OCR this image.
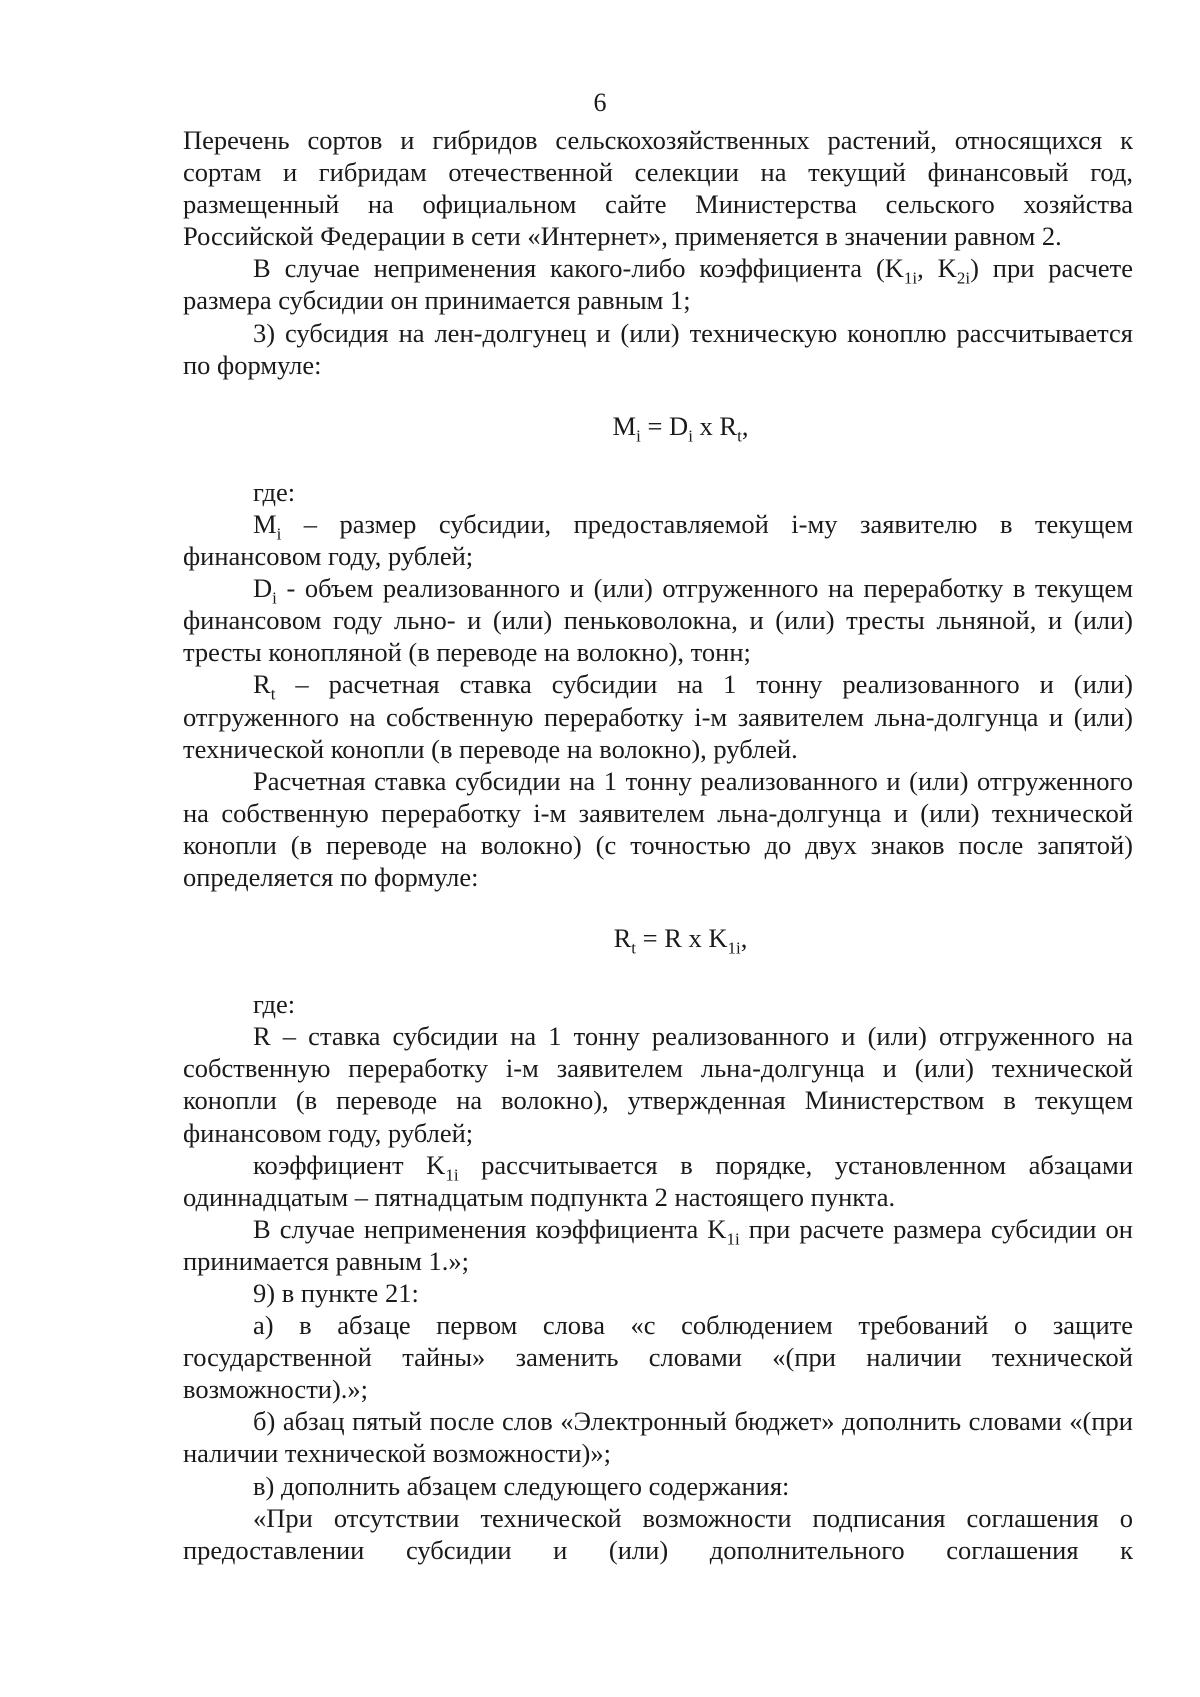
6

Перечень сортов и гибридов сельскохозяйственных растений, относящихся к сортам и гибридам отечественной селекции на текущий финансовый год, размещенный на официальном сайте Министерства сельского хозяйства Российской Федерации в сети «Интернет», применяется в значении равном 2.

В случае неприменения какого-либо коэффициента ($K_{1i}$, $K_{2i}$) при расчете размера субсидии он принимается равным 1;

3) субсидия на лен-долгунец и (или) техническую коноплю рассчитывается по формуле:

$M_i = D_i$ x $R_t$,

где:

$M_i$ – размер субсидии, предоставляемой i-му заявителю в текущем финансовом году, рублей;

$D_i$ - объем реализованного и (или) отгруженного на переработку в текущем финансовом году льно- и (или) пеньковолокна, и (или) тресты льняной, и (или) тресты конопляной (в переводе на волокно), тонн;

$R_t$ – расчетная ставка субсидии на 1 тонну реализованного и (или) отгруженного на собственную переработку i-м заявителем льна-долгунца и (или) технической конопли (в переводе на волокно), рублей.

Расчетная ставка субсидии на 1 тонну реализованного и (или) отгруженного на собственную переработку i-м заявителем льна-долгунца и (или) технической конопли (в переводе на волокно) (с точностью до двух знаков после запятой) определяется по формуле:

$R_t = R$ x $K_{1i}$,

где:

R – ставка субсидии на 1 тонну реализованного и (или) отгруженного на собственную переработку i-м заявителем льна-долгунца и (или) технической конопли (в переводе на волокно), утвержденная Министерством в текущем финансовом году, рублей;

коэффициент $K_{1i}$ рассчитывается в порядке, установленном абзацами одиннадцатым – пятнадцатым подпункта 2 настоящего пункта.

В случае неприменения коэффициента $K_{1i}$ при расчете размера субсидии он принимается равным 1.»;

9) в пункте 21:

а) в абзаце первом слова «с соблюдением требований о защите государственной тайны» заменить словами «(при наличии технической возможности).»;

б) абзац пятый после слов «Электронный бюджет» дополнить словами «(при наличии технической возможности)»;

в) дополнить абзацем следующего содержания:

«При отсутствии технической возможности подписания соглашения о предоставлении субсидии и (или) дополнительного соглашения к
